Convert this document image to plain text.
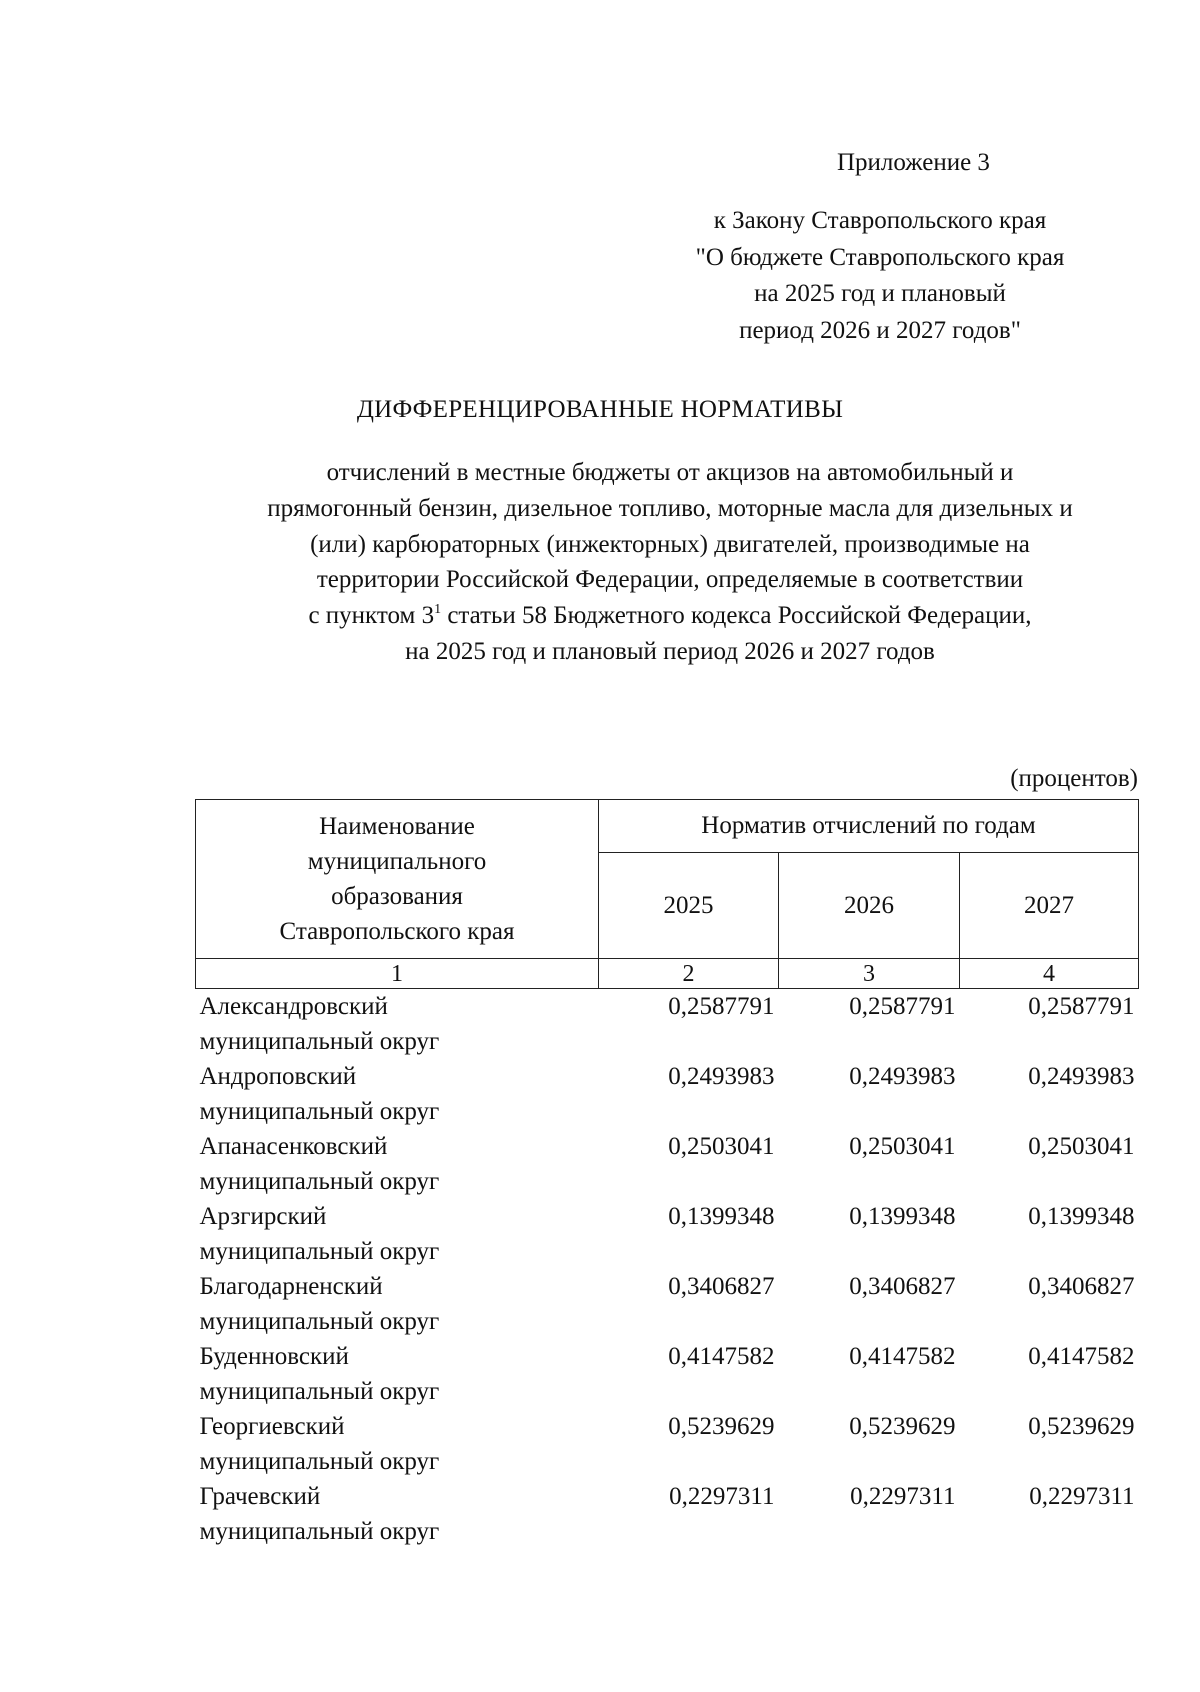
Приложение 3
к Закону Ставропольского края
"О бюджете Ставропольского края
на 2025 год и плановый
период 2026 и 2027 годов"
ДИФФЕРЕНЦИРОВАННЫЕ НОРМАТИВЫ
отчислений в местные бюджеты от акцизов на автомобильный и
прямогонный бензин, дизельное топливо, моторные масла для дизельных и
(или) карбюраторных (инжекторных) двигателей, производимые на
территории Российской Федерации, определяемые в соответствии
с пунктом $3^1$ статьи 58 Бюджетного кодекса Российской Федерации,
на 2025 год и плановый период 2026 и 2027 годов
(процентов)
Наименование
муниципального
образования
Ставропольского края	Норматив отчислений по годам		
	2025	2026	2027
1	2	3	4

Александровский
муниципальный округ	0,2587791	0,2587791	0,2587791

Андроповский
муниципальный округ	0,2493983	0,2493983	0,2493983

Апанасенковский
муниципальный округ	0,2503041	0,2503041	0,2503041

Арзгирский
муниципальный округ	0,1399348	0,1399348	0,1399348

Благодарненский
муниципальный округ	0,3406827	0,3406827	0,3406827

Буденновский
муниципальный округ	0,4147582	0,4147582	0,4147582

Георгиевский
муниципальный округ	0,5239629	0,5239629	0,5239629

Грачевский
муниципальный округ	0,2297311	0,2297311	0,2297311
